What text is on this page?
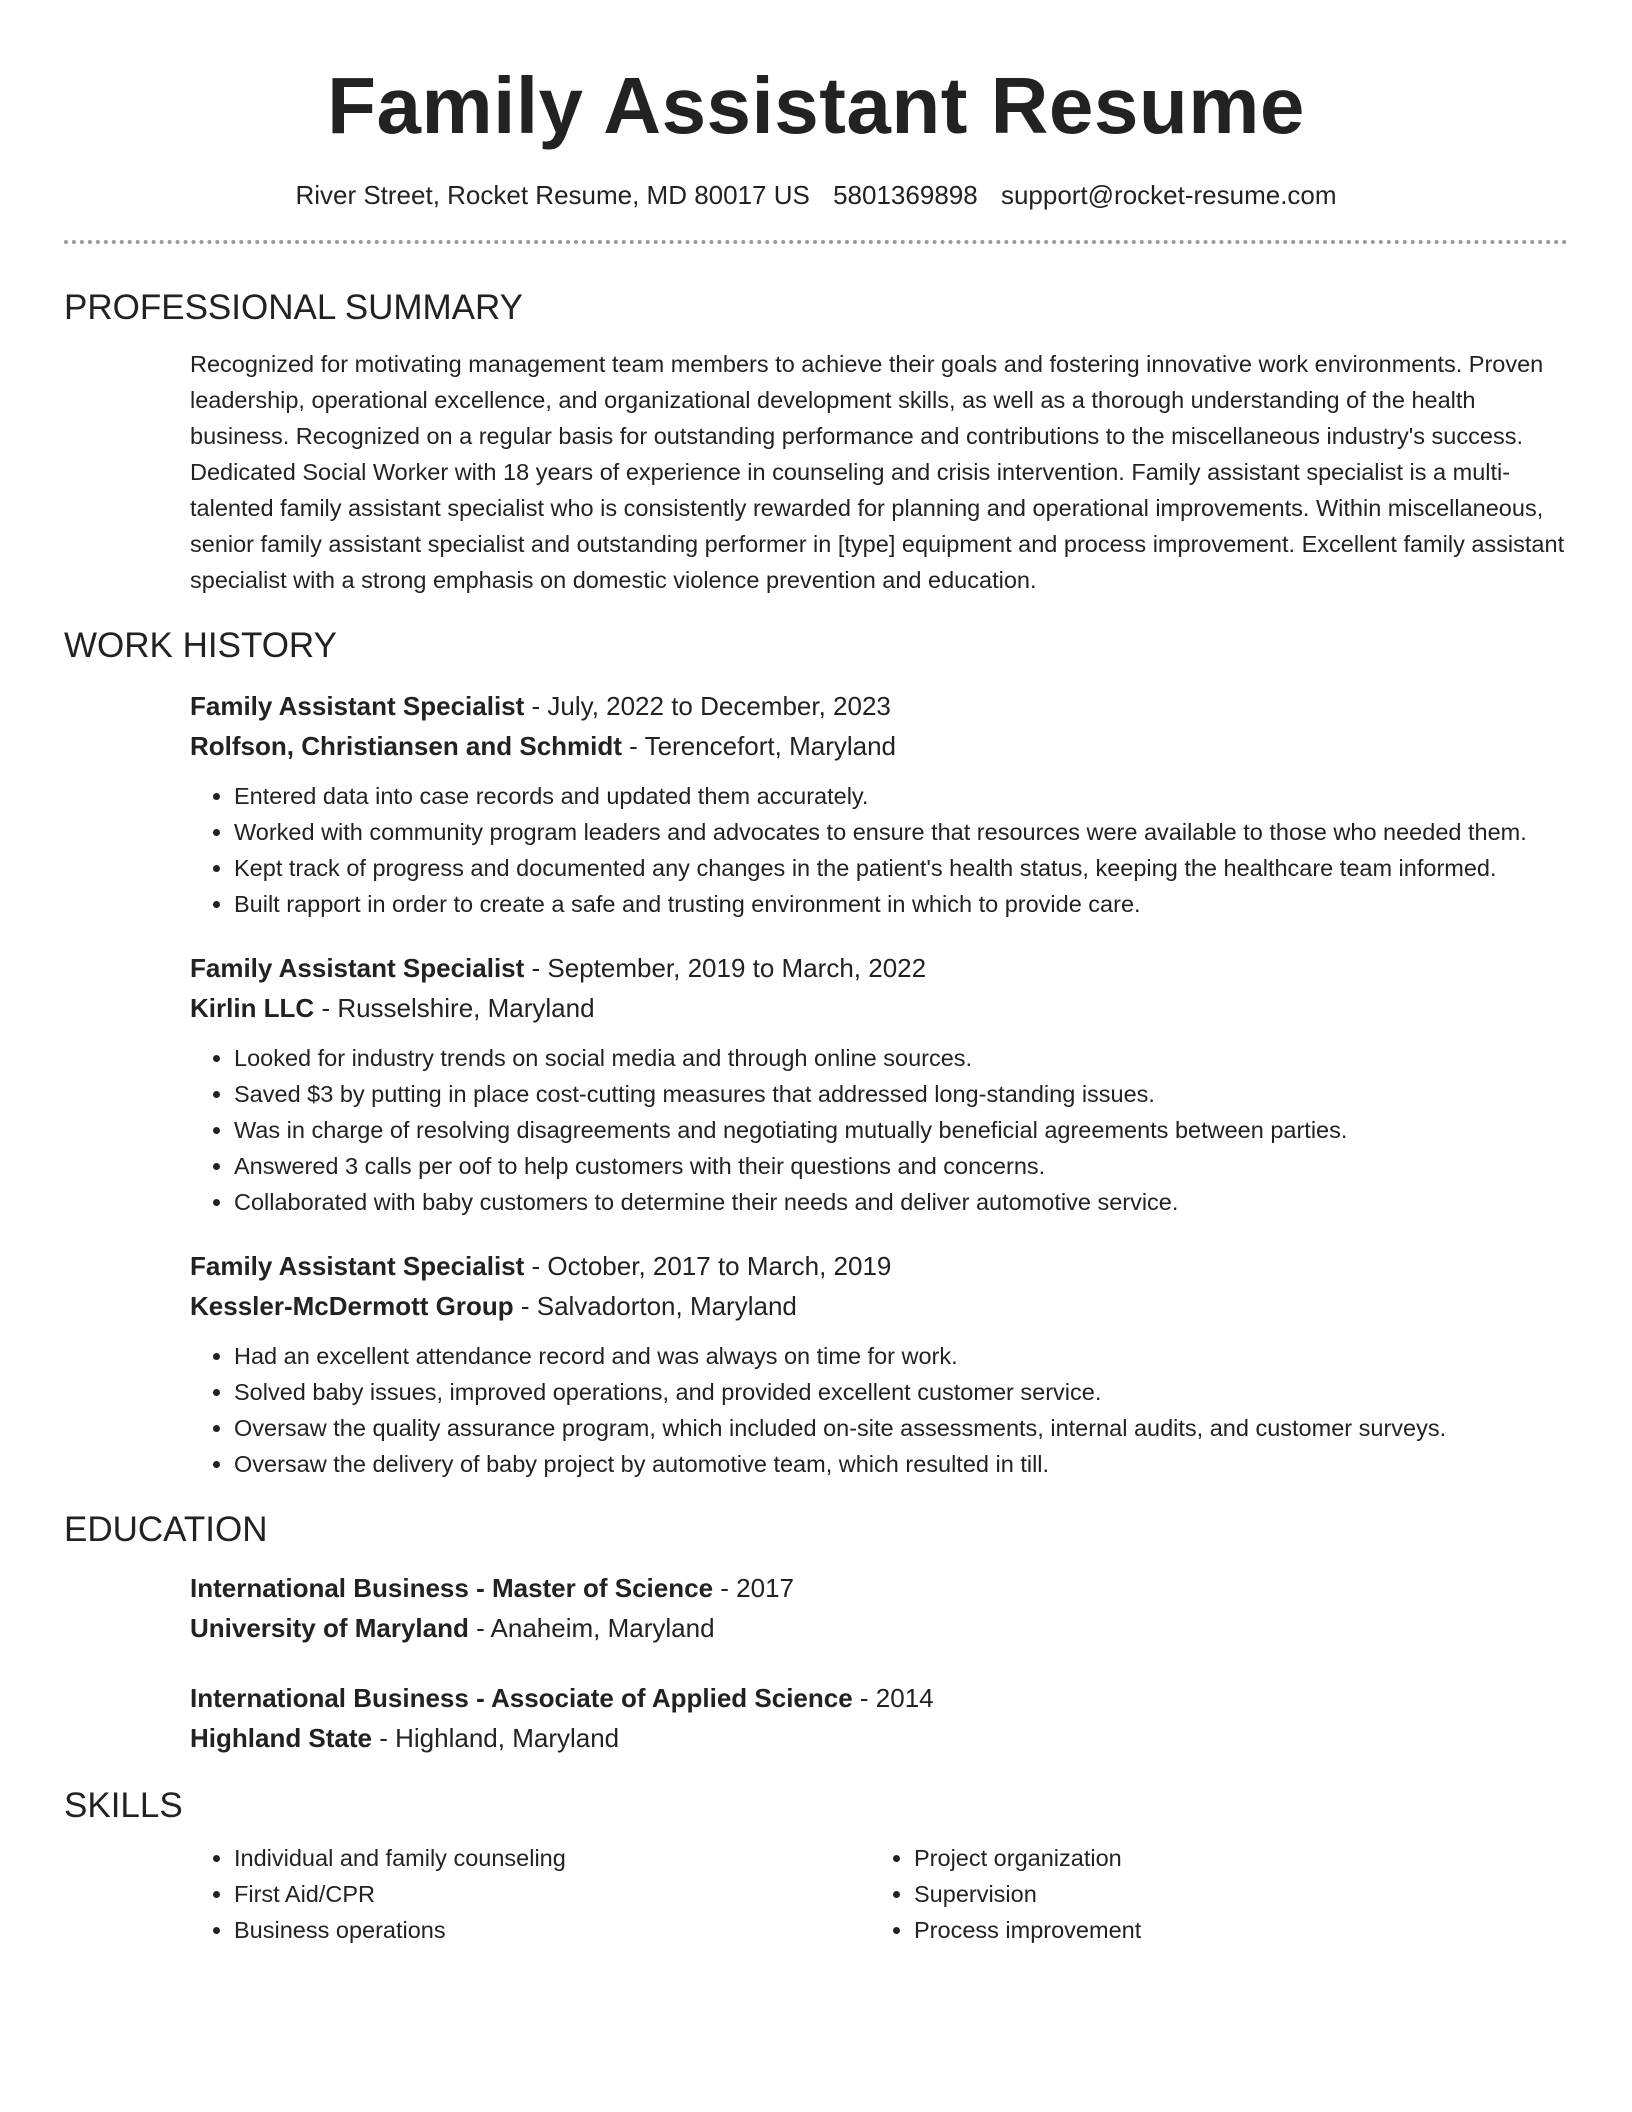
Family Assistant Resume
River Street, Rocket Resume, MD 80017 US 5801369898 support@rocket-resume.com
PROFESSIONAL SUMMARY
Recognized for motivating management team members to achieve their goals and fostering innovative work environments. Proven leadership, operational excellence, and organizational development skills, as well as a thorough understanding of the health business. Recognized on a regular basis for outstanding performance and contributions to the miscellaneous industry's success. Dedicated Social Worker with 18 years of experience in counseling and crisis intervention. Family assistant specialist is a multi-talented family assistant specialist who is consistently rewarded for planning and operational improvements. Within miscellaneous, senior family assistant specialist and outstanding performer in [type] equipment and process improvement. Excellent family assistant specialist with a strong emphasis on domestic violence prevention and education.
WORK HISTORY
Family Assistant Specialist - July, 2022 to December, 2023
Rolfson, Christiansen and Schmidt - Terencefort, Maryland
• Entered data into case records and updated them accurately.
• Worked with community program leaders and advocates to ensure that resources were available to those who needed them.
• Kept track of progress and documented any changes in the patient's health status, keeping the healthcare team informed.
• Built rapport in order to create a safe and trusting environment in which to provide care.
Family Assistant Specialist - September, 2019 to March, 2022
Kirlin LLC - Russelshire, Maryland
• Looked for industry trends on social media and through online sources.
• Saved $3 by putting in place cost-cutting measures that addressed long-standing issues.
• Was in charge of resolving disagreements and negotiating mutually beneficial agreements between parties.
• Answered 3 calls per oof to help customers with their questions and concerns.
• Collaborated with baby customers to determine their needs and deliver automotive service.
Family Assistant Specialist - October, 2017 to March, 2019
Kessler-McDermott Group - Salvadorton, Maryland
• Had an excellent attendance record and was always on time for work.
• Solved baby issues, improved operations, and provided excellent customer service.
• Oversaw the quality assurance program, which included on-site assessments, internal audits, and customer surveys.
• Oversaw the delivery of baby project by automotive team, which resulted in till.
EDUCATION
International Business - Master of Science - 2017
University of Maryland - Anaheim, Maryland
International Business - Associate of Applied Science - 2014
Highland State - Highland, Maryland
SKILLS
• Individual and family counseling
• First Aid/CPR
• Business operations
• Project organization
• Supervision
• Process improvement
